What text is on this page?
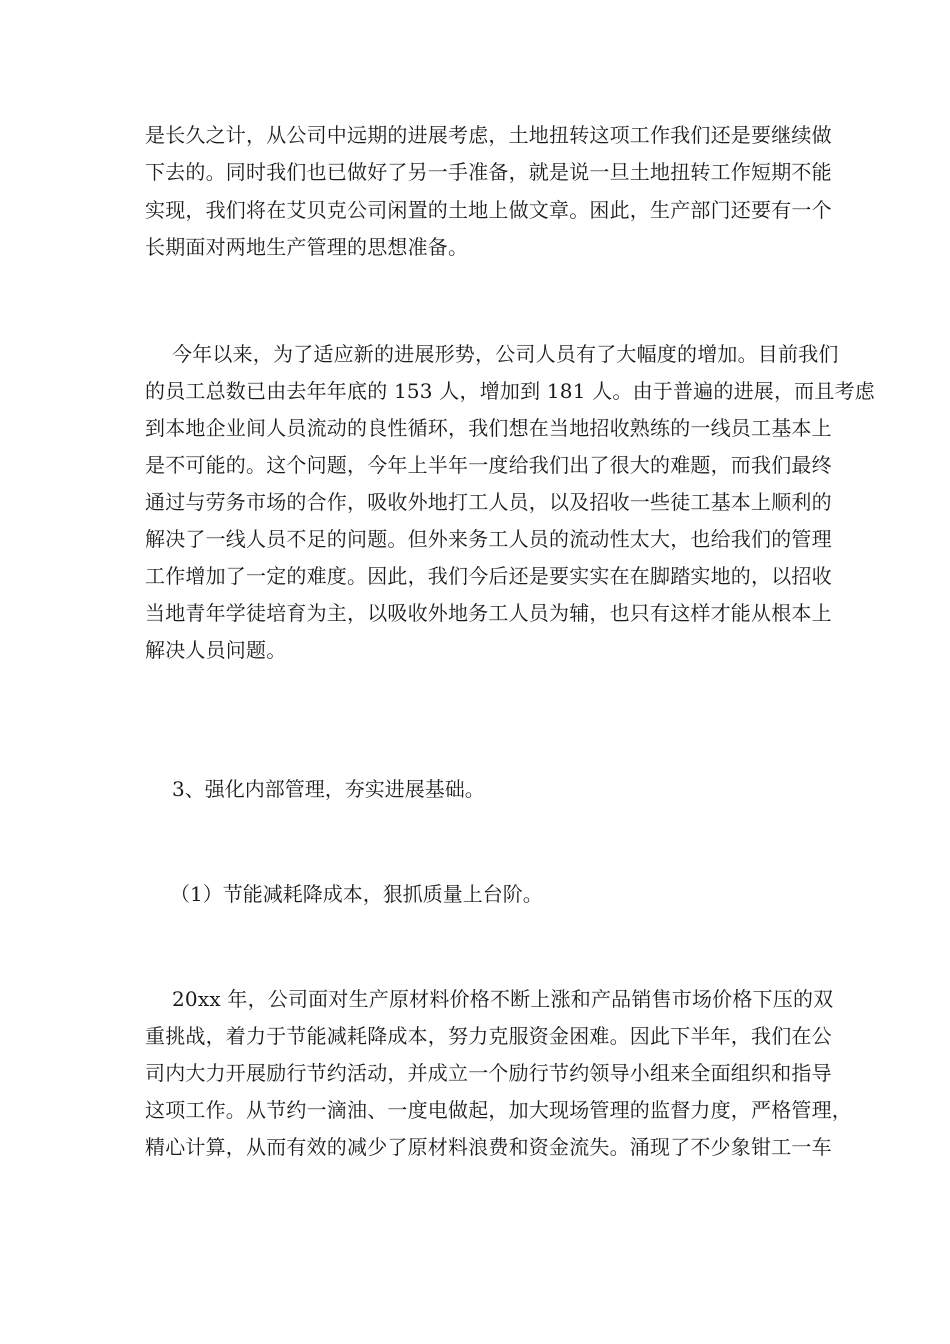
是长久之计，从公司中远期的进展考虑，土地扭转这项工作我们还是要继续做
下去的。同时我们也已做好了另一手准备，就是说一旦土地扭转工作短期不能
实现，我们将在艾贝克公司闲置的土地上做文章。困此，生产部门还要有一个
长期面对两地生产管理的思想准备。
今年以来，为了适应新的进展形势，公司人员有了大幅度的增加。目前我们
的员工总数已由去年年底的 153 人，增加到 181 人。由于普遍的进展，而且考虑
到本地企业间人员流动的良性循环，我们想在当地招收熟练的一线员工基本上
是不可能的。这个问题，今年上半年一度给我们出了很大的难题，而我们最终
通过与劳务市场的合作，吸收外地打工人员，以及招收一些徒工基本上顺利的
解决了一线人员不足的问题。但外来务工人员的流动性太大，也给我们的管理
工作增加了一定的难度。因此，我们今后还是要实实在在脚踏实地的，以招收
当地青年学徒培育为主，以吸收外地务工人员为辅，也只有这样才能从根本上
解决人员问题。
3、强化内部管理，夯实进展基础。
（1）节能减耗降成本，狠抓质量上台阶。
20xx 年，公司面对生产原材料价格不断上涨和产品销售市场价格下压的双
重挑战，着力于节能减耗降成本，努力克服资金困难。因此下半年，我们在公
司内大力开展励行节约活动，并成立一个励行节约领导小组来全面组织和指导
这项工作。从节约一滴油、一度电做起，加大现场管理的监督力度，严格管理，
精心计算，从而有效的减少了原材料浪费和资金流失。涌现了不少象钳工一车
